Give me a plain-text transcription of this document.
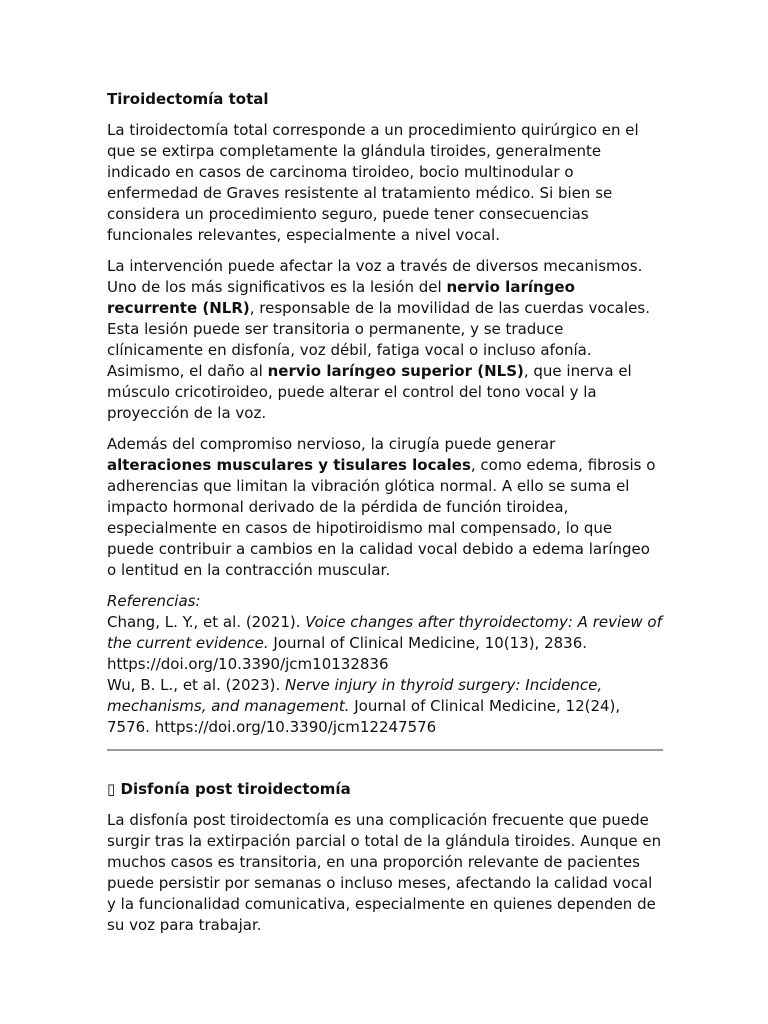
Tiroidectomía total

La tiroidectomía total corresponde a un procedimiento quirúrgico en el que se extirpa completamente la glándula tiroides, generalmente indicado en casos de carcinoma tiroideo, bocio multinodular o enfermedad de Graves resistente al tratamiento médico. Si bien se considera un procedimiento seguro, puede tener consecuencias funcionales relevantes, especialmente a nivel vocal.

La intervención puede afectar la voz a través de diversos mecanismos. Uno de los más significativos es la lesión del nervio laríngeo recurrente (NLR), responsable de la movilidad de las cuerdas vocales. Esta lesión puede ser transitoria o permanente, y se traduce clínicamente en disfonía, voz débil, fatiga vocal o incluso afonía. Asimismo, el daño al nervio laríngeo superior (NLS), que inerva el músculo cricotiroideo, puede alterar el control del tono vocal y la proyección de la voz.

Además del compromiso nervioso, la cirugía puede generar alteraciones musculares y tisulares locales, como edema, fibrosis o adherencias que limitan la vibración glótica normal. A ello se suma el impacto hormonal derivado de la pérdida de función tiroidea, especialmente en casos de hipotiroidismo mal compensado, lo que puede contribuir a cambios en la calidad vocal debido a edema laríngeo o lentitud en la contracción muscular.

Referencias:

Chang, L. Y., et al. (2021). Voice changes after thyroidectomy: A review of the current evidence. Journal of Clinical Medicine, 10(13), 2836. https://doi.org/10.3390/jcm10132836

Wu, B. L., et al. (2023). Nerve injury in thyroid surgery: Incidence, mechanisms, and management. Journal of Clinical Medicine, 12(24), 7576. https://doi.org/10.3390/jcm12247576

▯ Disfonía post tiroidectomía

La disfonía post tiroidectomía es una complicación frecuente que puede surgir tras la extirpación parcial o total de la glándula tiroides. Aunque en muchos casos es transitoria, en una proporción relevante de pacientes puede persistir por semanas o incluso meses, afectando la calidad vocal y la funcionalidad comunicativa, especialmente en quienes dependen de su voz para trabajar.
